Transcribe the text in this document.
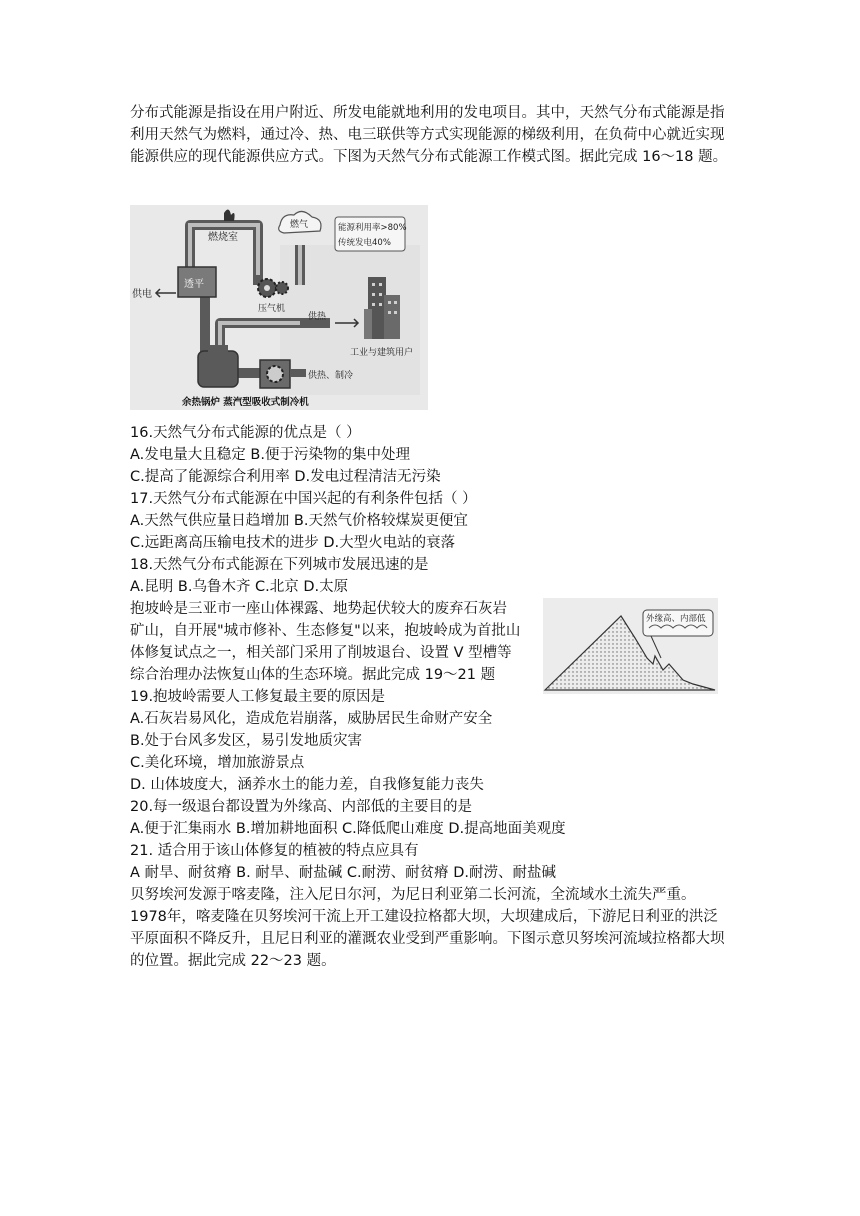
分布式能源是指设在用户附近、所发电能就地利用的发电项目。其中，天然气分布式能源是指利用天然气为燃料，通过冷、热、电三联供等方式实现能源的梯级利用，在负荷中心就近实现能源供应的现代能源供应方式。下图为天然气分布式能源工作模式图。据此完成 16～18 题。

燃烧室
燃气	能源利用率>80%
传统发电40%
透平
供电
压气机
供热
工业与建筑用户
供热、制冷
余热锅炉 蒸汽型吸收式制冷机
16.天然气分布式能源的优点是（ ）
A.发电量大且稳定 B.便于污染物的集中处理
C.提高了能源综合利用率 D.发电过程清洁无污染
17.天然气分布式能源在中国兴起的有利条件包括（ ）
A.天然气供应量日趋增加 B.天然气价格较煤炭更便宜
C.远距离高压输电技术的进步 D.大型火电站的衰落
18.天然气分布式能源在下列城市发展迅速的是
A.昆明 B.乌鲁木齐 C.北京 D.太原
抱坡岭是三亚市一座山体裸露、地势起伏较大的废弃石灰岩
矿山，自开展"城市修补、生态修复"以来，抱坡岭成为首批山
体修复试点之一，相关部门采用了削坡退台、设置 V 型槽等
综合治理办法恢复山体的生态环境。据此完成 19～21 题
外缘高、内部低
19.抱坡岭需要人工修复最主要的原因是
A.石灰岩易风化，造成危岩崩落，威胁居民生命财产安全
B.处于台风多发区，易引发地质灾害
C.美化环境，增加旅游景点
D. 山体坡度大，涵养水土的能力差，自我修复能力丧失
20.每一级退台都设置为外缘高、内部低的主要目的是
A.便于汇集雨水 B.增加耕地面积 C.降低爬山难度 D.提高地面美观度
21. 适合用于该山体修复的植被的特点应具有
A 耐旱、耐贫瘠 B. 耐旱、耐盐碱 C.耐涝、耐贫瘠 D.耐涝、耐盐碱

贝努埃河发源于喀麦隆，注入尼日尔河，为尼日利亚第二长河流，全流域水土流失严重。1978年，喀麦隆在贝努埃河干流上开工建设拉格都大坝，大坝建成后，下游尼日利亚的洪泛平原面积不降反升，且尼日利亚的灌溉农业受到严重影响。下图示意贝努埃河流域拉格都大坝的位置。据此完成 22～23 题。
